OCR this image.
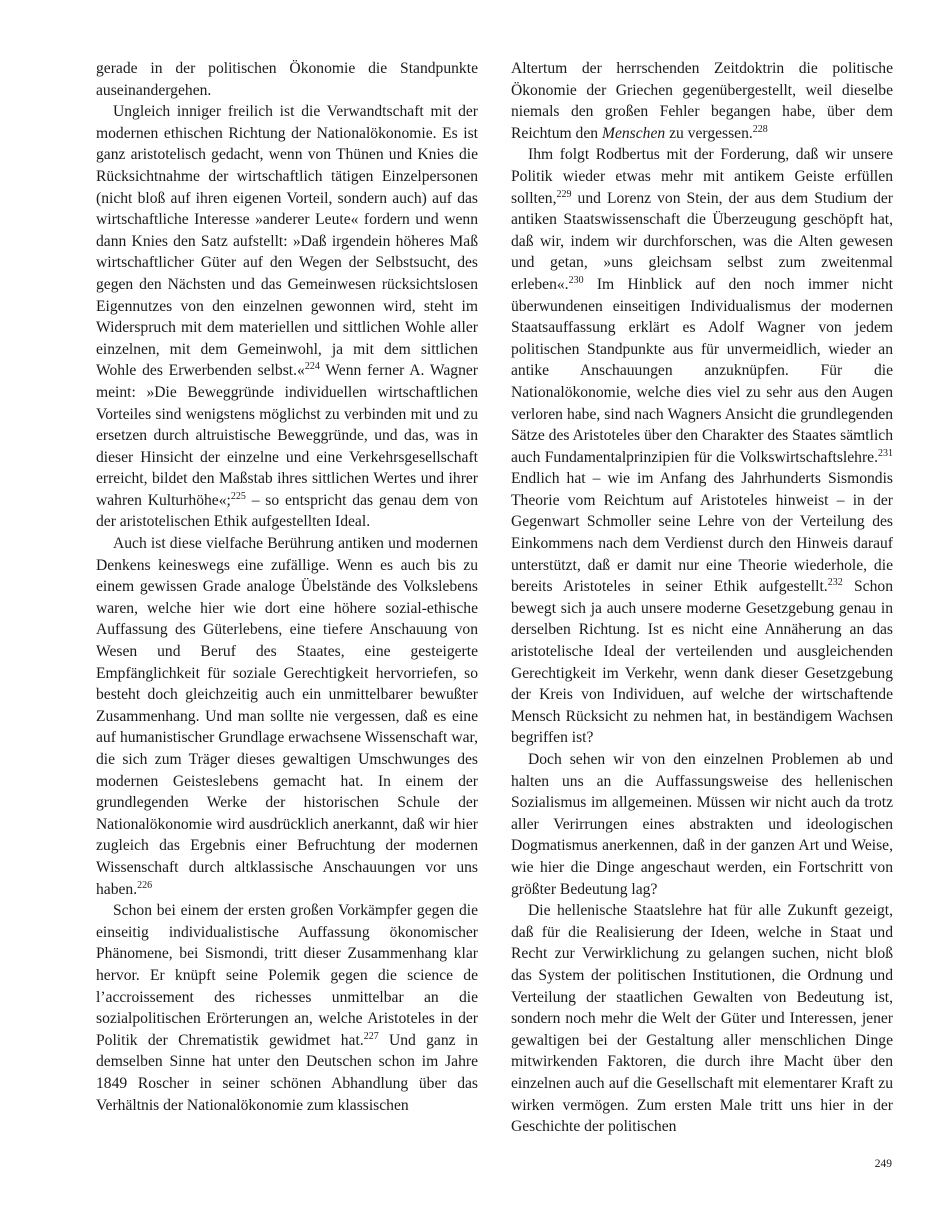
gerade in der politischen Ökonomie die Standpunkte auseinandergehen.

Ungleich inniger freilich ist die Verwandtschaft mit der modernen ethischen Richtung der Nationalökonomie. Es ist ganz aristotelisch gedacht, wenn von Thünen und Knies die Rücksichtnahme der wirtschaftlich tätigen Einzelpersonen (nicht bloß auf ihren eigenen Vorteil, sondern auch) auf das wirtschaftliche Interesse »anderer Leute« fordern und wenn dann Knies den Satz aufstellt: »Daß irgendein höheres Maß wirtschaftlicher Güter auf den Wegen der Selbstsucht, des gegen den Nächsten und das Gemeinwesen rücksichtslosen Eigennutzes von den einzelnen gewonnen wird, steht im Widerspruch mit dem materiellen und sittlichen Wohle aller einzelnen, mit dem Gemeinwohl, ja mit dem sittlichen Wohle des Erwerbenden selbst.«$^{224}$ Wenn ferner A. Wagner meint: »Die Beweggründe individuellen wirtschaftlichen Vorteiles sind wenigstens möglichst zu verbinden mit und zu ersetzen durch altruistische Beweggründe, und das, was in dieser Hinsicht der einzelne und eine Verkehrsgesellschaft erreicht, bildet den Maßstab ihres sittlichen Wertes und ihrer wahren Kulturhöhe«;$^{225}$ – so entspricht das genau dem von der aristotelischen Ethik aufgestellten Ideal.

Auch ist diese vielfache Berührung antiken und modernen Denkens keineswegs eine zufällige. Wenn es auch bis zu einem gewissen Grade analoge Übelstände des Volkslebens waren, welche hier wie dort eine höhere sozial-ethische Auffassung des Güterlebens, eine tiefere Anschauung von Wesen und Beruf des Staates, eine gesteigerte Empfänglichkeit für soziale Gerechtigkeit hervorriefen, so besteht doch gleichzeitig auch ein unmittelbarer bewußter Zusammenhang. Und man sollte nie vergessen, daß es eine auf humanistischer Grundlage erwachsene Wissenschaft war, die sich zum Träger dieses gewaltigen Umschwunges des modernen Geisteslebens gemacht hat. In einem der grundlegenden Werke der historischen Schule der Nationalökonomie wird ausdrücklich anerkannt, daß wir hier zugleich das Ergebnis einer Befruchtung der modernen Wissenschaft durch altklassische Anschauungen vor uns haben.$^{226}$

Schon bei einem der ersten großen Vorkämpfer gegen die einseitig individualistische Auffassung ökonomischer Phänomene, bei Sismondi, tritt dieser Zusammenhang klar hervor. Er knüpft seine Polemik gegen die science de l’accroissement des richesses unmittelbar an die sozialpolitischen Erörterungen an, welche Aristoteles in der Politik der Chrematistik gewidmet hat.$^{227}$ Und ganz in demselben Sinne hat unter den Deutschen schon im Jahre 1849 Roscher in seiner schönen Abhandlung über das Verhältnis der Nationalökonomie zum klassischen

Altertum der herrschenden Zeitdoktrin die politische Ökonomie der Griechen gegenübergestellt, weil dieselbe niemals den großen Fehler begangen habe, über dem Reichtum den Menschen zu vergessen.$^{228}$

Ihm folgt Rodbertus mit der Forderung, daß wir unsere Politik wieder etwas mehr mit antikem Geiste erfüllen sollten,$^{229}$ und Lorenz von Stein, der aus dem Studium der antiken Staatswissenschaft die Überzeugung geschöpft hat, daß wir, indem wir durchforschen, was die Alten gewesen und getan, »uns gleichsam selbst zum zweitenmal erleben«.$^{230}$ Im Hinblick auf den noch immer nicht überwundenen einseitigen Individualismus der modernen Staatsauffassung erklärt es Adolf Wagner von jedem politischen Standpunkte aus für unvermeidlich, wieder an antike Anschauungen anzuknüpfen. Für die Nationalökonomie, welche dies viel zu sehr aus den Augen verloren habe, sind nach Wagners Ansicht die grundlegenden Sätze des Aristoteles über den Charakter des Staates sämtlich auch Fundamentalprinzipien für die Volkswirtschaftslehre.$^{231}$ Endlich hat – wie im Anfang des Jahrhunderts Sismondis Theorie vom Reichtum auf Aristoteles hinweist – in der Gegenwart Schmoller seine Lehre von der Verteilung des Einkommens nach dem Verdienst durch den Hinweis darauf unterstützt, daß er damit nur eine Theorie wiederhole, die bereits Aristoteles in seiner Ethik aufgestellt.$^{232}$ Schon bewegt sich ja auch unsere moderne Gesetzgebung genau in derselben Richtung. Ist es nicht eine Annäherung an das aristotelische Ideal der verteilenden und ausgleichenden Gerechtigkeit im Verkehr, wenn dank dieser Gesetzgebung der Kreis von Individuen, auf welche der wirtschaftende Mensch Rücksicht zu nehmen hat, in beständigem Wachsen begriffen ist?

Doch sehen wir von den einzelnen Problemen ab und halten uns an die Auffassungsweise des hellenischen Sozialismus im allgemeinen. Müssen wir nicht auch da trotz aller Verirrungen eines abstrakten und ideologischen Dogmatismus anerkennen, daß in der ganzen Art und Weise, wie hier die Dinge angeschaut werden, ein Fortschritt von größter Bedeutung lag?

Die hellenische Staatslehre hat für alle Zukunft gezeigt, daß für die Realisierung der Ideen, welche in Staat und Recht zur Verwirklichung zu gelangen suchen, nicht bloß das System der politischen Institutionen, die Ordnung und Verteilung der staatlichen Gewalten von Bedeutung ist, sondern noch mehr die Welt der Güter und Interessen, jener gewaltigen bei der Gestaltung aller menschlichen Dinge mitwirkenden Faktoren, die durch ihre Macht über den einzelnen auch auf die Gesellschaft mit elementarer Kraft zu wirken vermögen. Zum ersten Male tritt uns hier in der Geschichte der politischen

249
